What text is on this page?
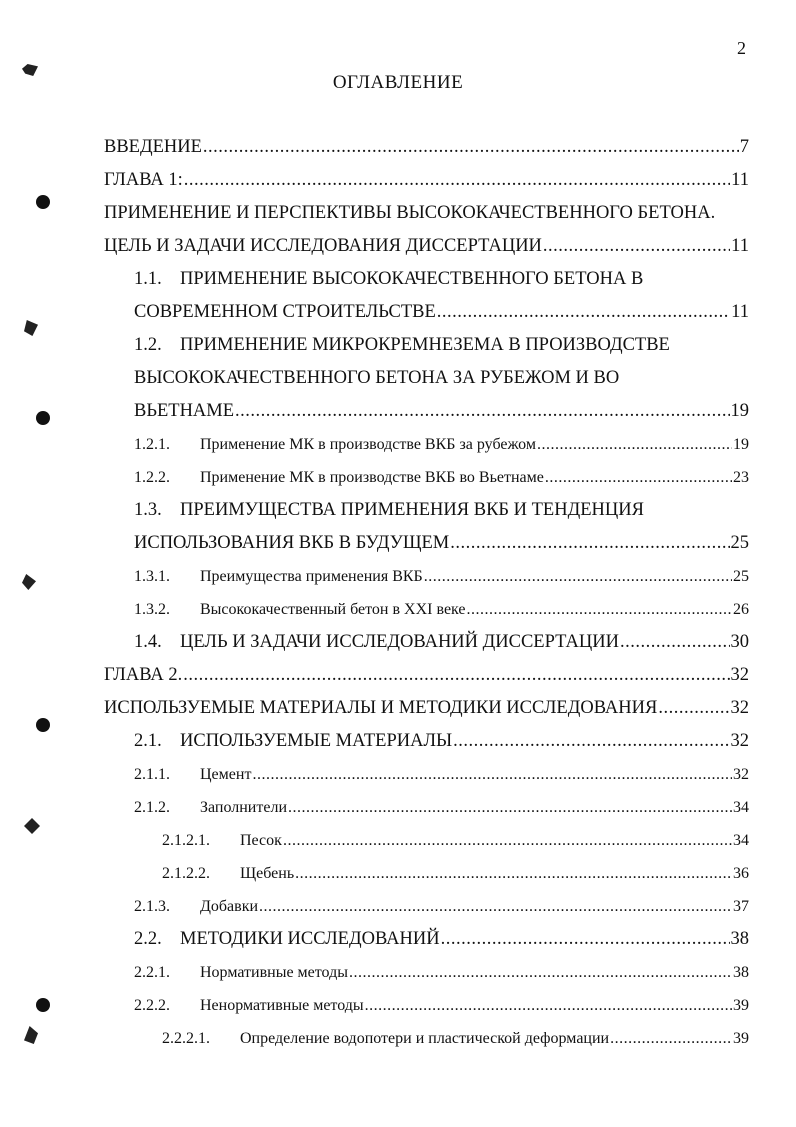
2
ОГЛАВЛЕНИЕ
ВВЕДЕНИЕ .....	7
ГЛАВА 1: .....	11
ПРИМЕНЕНИЕ И ПЕРСПЕКТИВЫ ВЫСОКОКАЧЕСТВЕННОГО БЕТОНА.
ЦЕЛЬ И ЗАДАЧИ ИССЛЕДОВАНИЯ ДИССЕРТАЦИИ .....	11
1.1. ПРИМЕНЕНИЕ ВЫСОКОКАЧЕСТВЕННОГО БЕТОНА В
СОВРЕМЕННОМ СТРОИТЕЛЬСТВЕ .....	11
1.2. ПРИМЕНЕНИЕ МИКРОКРЕМНЕЗЕМА В ПРОИЗВОДСТВЕ
ВЫСОКОКАЧЕСТВЕННОГО БЕТОНА ЗА РУБЕЖОМ И ВО
ВЬЕТНАМЕ .....	19
1.2.1.	Применение МК в производстве ВКБ за рубежом .....	19
1.2.2.	Применение МК в производстве ВКБ во Вьетнаме .....	23
1.3. ПРЕИМУЩЕСТВА ПРИМЕНЕНИЯ ВКБ И ТЕНДЕНЦИЯ
ИСПОЛЬЗОВАНИЯ ВКБ В БУДУЩЕМ .....	25
1.3.1.	Преимущества применения ВКБ .....	25
1.3.2.	Высококачественный бетон в XXI веке .....	26
1.4. ЦЕЛЬ И ЗАДАЧИ ИССЛЕДОВАНИЙ ДИССЕРТАЦИИ .....	30
ГЛАВА 2. .....	32
ИСПОЛЬЗУЕМЫЕ МАТЕРИАЛЫ И МЕТОДИКИ ИССЛЕДОВАНИЯ .....	32
2.1. ИСПОЛЬЗУЕМЫЕ МАТЕРИАЛЫ .....	32
2.1.1.	Цемент .....	32
2.1.2.	Заполнители .....	34
2.1.2.1.	Песок .....	34
2.1.2.2.	Щебень .....	36
2.1.3.	Добавки .....	37
2.2. МЕТОДИКИ ИССЛЕДОВАНИЙ .....	38
2.2.1.	Нормативные методы .....	38
2.2.2.	Ненормативные методы .....	39
2.2.2.1.	Определение водопотери и пластической деформации .....	39
